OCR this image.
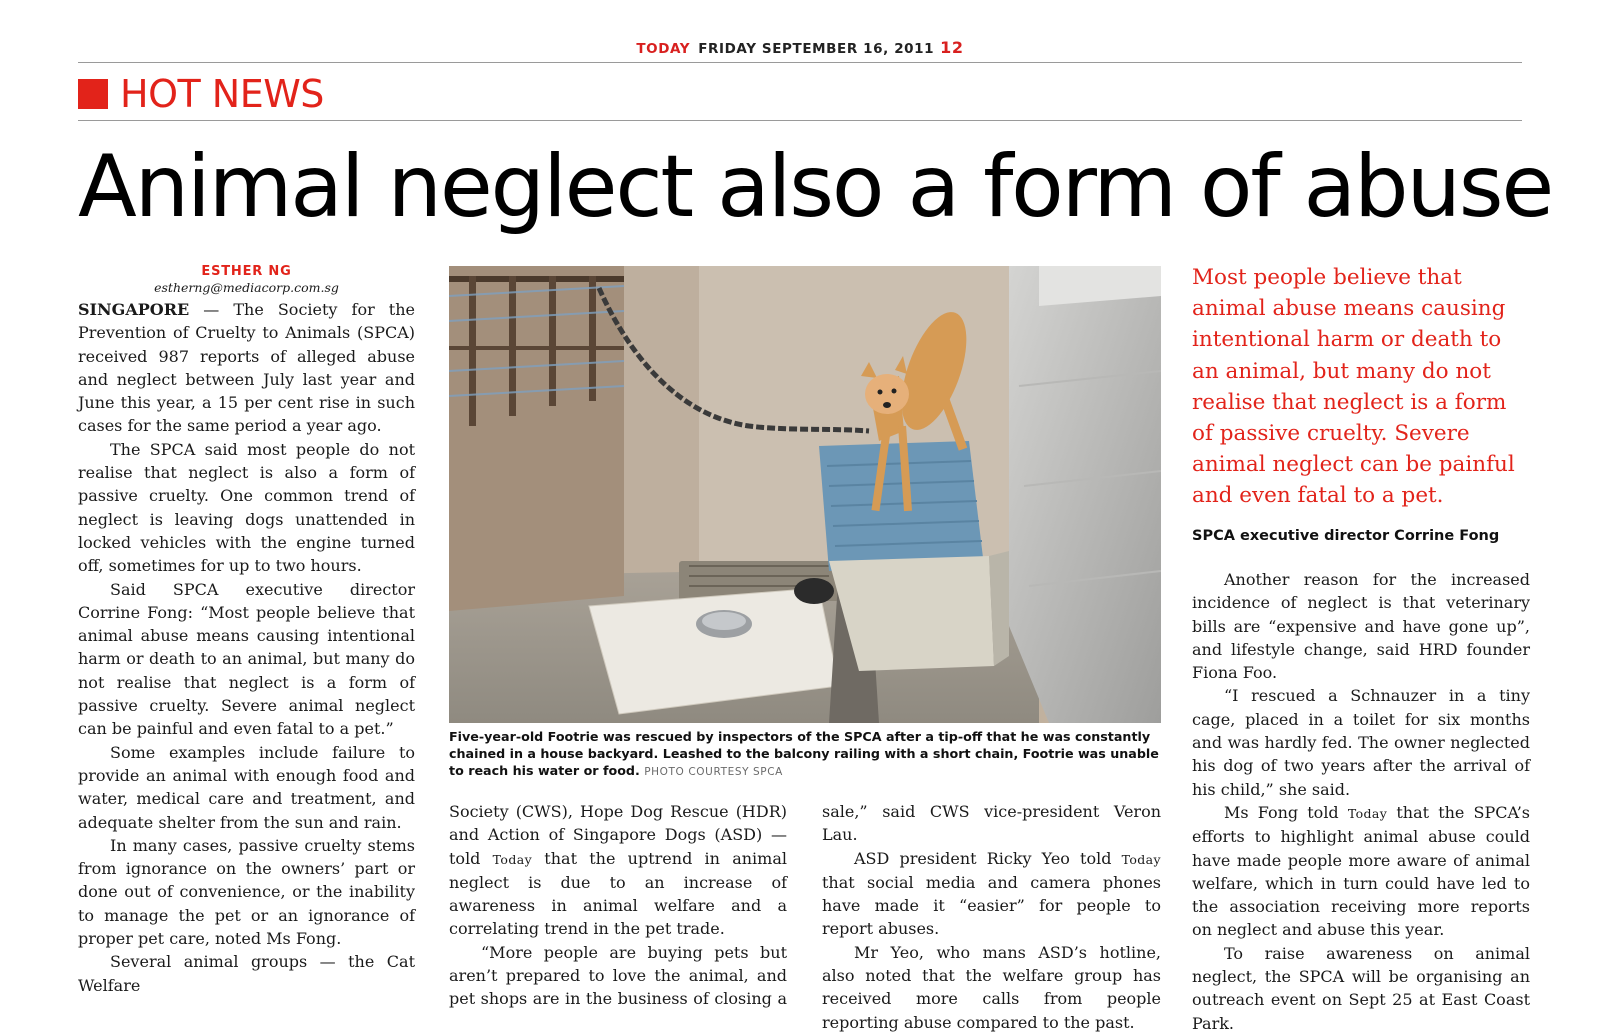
TODAY FRIDAY SEPTEMBER 16, 2011 12
HOT NEWS
Animal neglect also a form of abuse
ESTHER NG
estherng@mediacorp.com.sg

SINGAPORE — The Society for the Prevention of Cruelty to Animals (SPCA) received 987 reports of alleged abuse and neglect between July last year and June this year, a 15 per cent rise in such cases for the same period a year ago.

The SPCA said most people do not realise that neglect is also a form of passive cruelty. One common trend of neglect is leaving dogs unattended in locked vehicles with the engine turned off, sometimes for up to two hours.

Said SPCA executive director Corrine Fong: “Most people believe that animal abuse means causing intentional harm or death to an animal, but many do not realise that neglect is a form of passive cruelty. Severe animal neglect can be painful and even fatal to a pet.”

Some examples include failure to provide an animal with enough food and water, medical care and treatment, and adequate shelter from the sun and rain.

In many cases, passive cruelty stems from ignorance on the owners’ part or done out of convenience, or the inability to manage the pet or an ignorance of proper pet care, noted Ms Fong.

Several animal groups — the Cat Welfare

Five-year-old Footrie was rescued by inspectors of the SPCA after a tip-off that he was constantly chained in a house backyard. Leashed to the balcony railing with a short chain, Footrie was unable to reach his water or food. PHOTO COURTESY SPCA

Society (CWS), Hope Dog Rescue (HDR) and Action of Singapore Dogs (ASD) — told Today that the uptrend in animal neglect is due to an increase of awareness in animal welfare and a correlating trend in the pet trade.

“More people are buying pets but aren’t prepared to love the animal, and pet shops are in the business of closing a

sale,” said CWS vice-president Veron Lau.

ASD president Ricky Yeo told Today that social media and camera phones have made it “easier” for people to report abuses.

Mr Yeo, who mans ASD’s hotline, also noted that the welfare group has received more calls from people reporting abuse compared to the past.

Most people believe that animal abuse means causing intentional harm or death to an animal, but many do not realise that neglect is a form of passive cruelty. Severe animal neglect can be painful and even fatal to a pet.

SPCA executive director Corrine Fong

Another reason for the increased incidence of neglect is that veterinary bills are “expensive and have gone up”, and lifestyle change, said HRD founder Fiona Foo.

“I rescued a Schnauzer in a tiny cage, placed in a toilet for six months and was hardly fed. The owner neglected his dog of two years after the arrival of his child,” she said.

Ms Fong told Today that the SPCA’s efforts to highlight animal abuse could have made people more aware of animal welfare, which in turn could have led to the association receiving more reports on neglect and abuse this year.

To raise awareness on animal neglect, the SPCA will be organising an outreach event on Sept 25 at East Coast Park.
